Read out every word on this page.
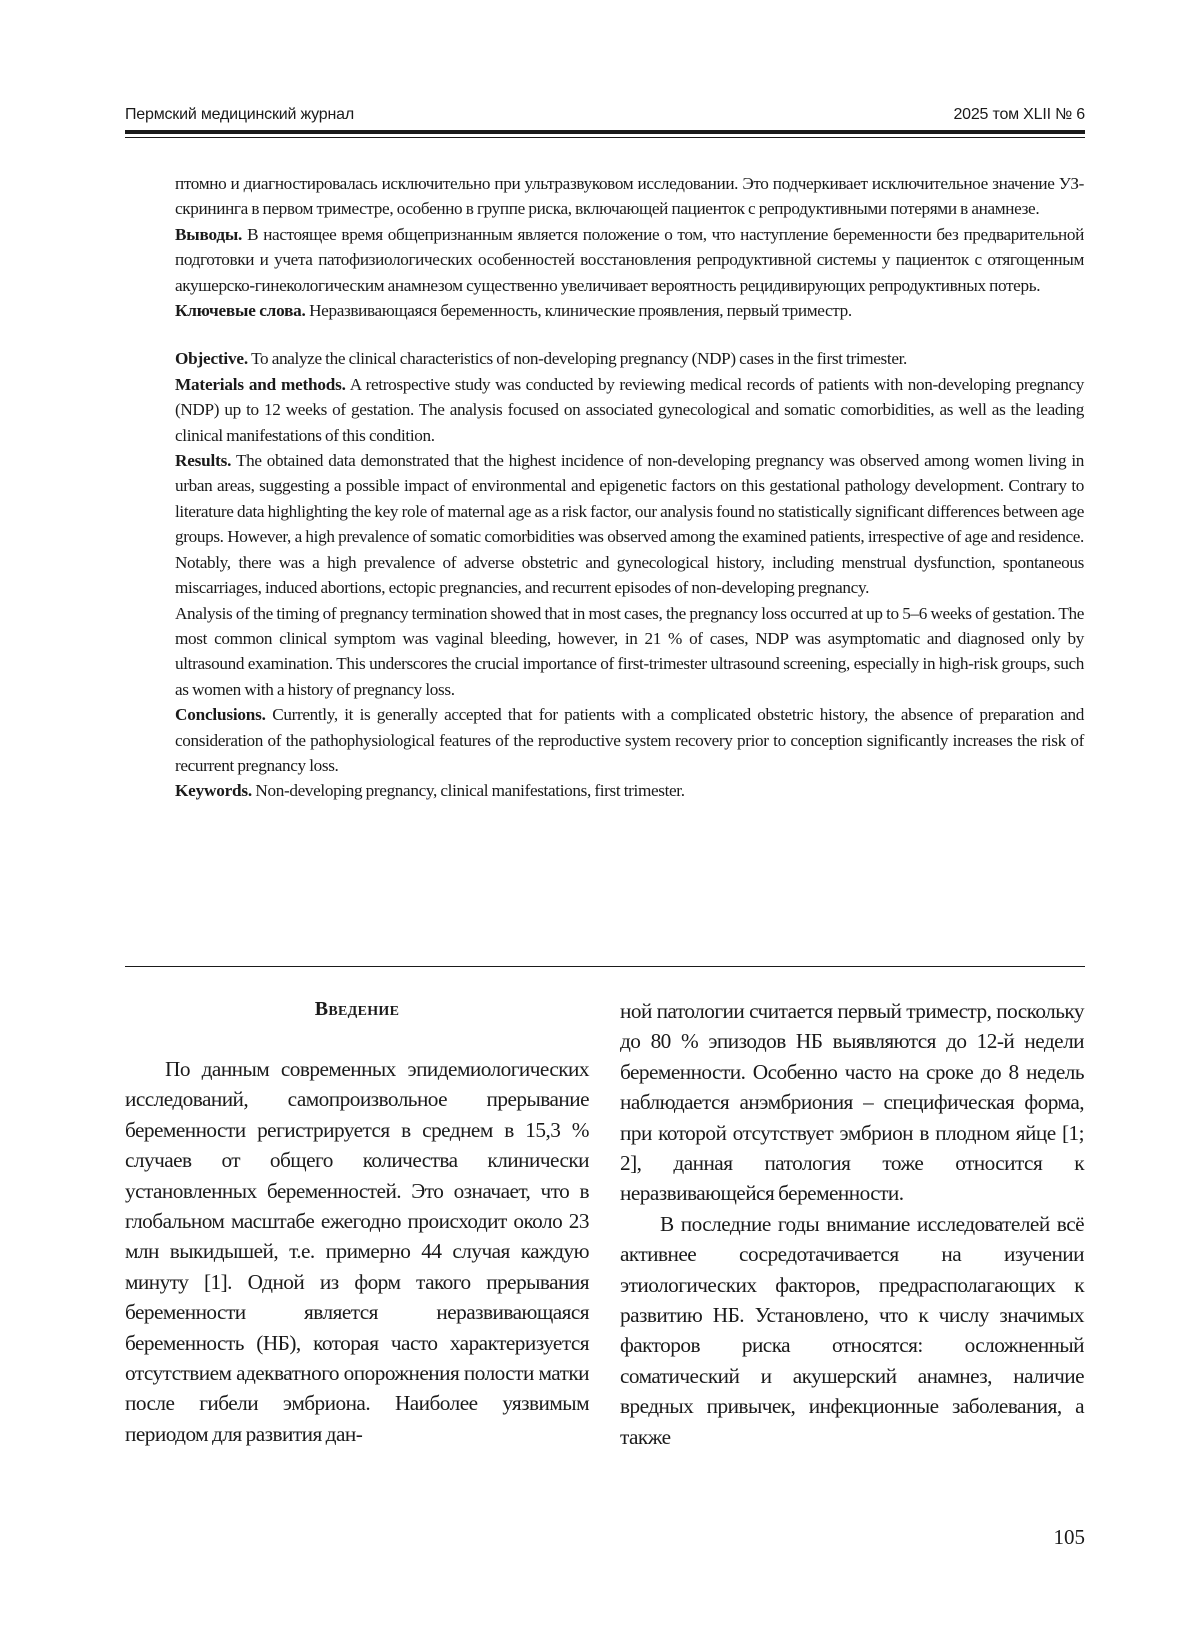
Пермский медицинский журнал	2025 том XLII № 6

птомно и диагностировалась исключительно при ультразвуковом исследовании. Это подчеркивает исключительное значение УЗ-скрининга в первом триместре, особенно в группе риска, включающей пациенток с репродуктивными потерями в анамнезе.

Выводы. В настоящее время общепризнанным является положение о том, что наступление беременности без предварительной подготовки и учета патофизиологических особенностей восстановления репродуктивной системы у пациенток с отягощенным акушерско-гинекологическим анамнезом существенно увеличивает вероятность рецидивирующих репродуктивных потерь.

Ключевые слова. Неразвивающаяся беременность, клинические проявления, первый триместр.

Objective. To analyze the clinical characteristics of non-developing pregnancy (NDP) cases in the first trimester.

Materials and methods. A retrospective study was conducted by reviewing medical records of patients with non-developing pregnancy (NDP) up to 12 weeks of gestation. The analysis focused on associated gynecological and somatic comorbidities, as well as the leading clinical manifestations of this condition.

Results. The obtained data demonstrated that the highest incidence of non-developing pregnancy was observed among women living in urban areas, suggesting a possible impact of environmental and epigenetic factors on this gestational pathology development. Contrary to literature data highlighting the key role of maternal age as a risk factor, our analysis found no statistically significant differences between age groups. However, a high prevalence of somatic comorbidities was observed among the examined patients, irrespective of age and residence. Notably, there was a high prevalence of adverse obstetric and gynecological history, including menstrual dysfunction, spontaneous miscarriages, induced abortions, ectopic pregnancies, and recurrent episodes of non-developing pregnancy.

Analysis of the timing of pregnancy termination showed that in most cases, the pregnancy loss occurred at up to 5–6 weeks of gestation. The most common clinical symptom was vaginal bleeding, however, in 21 % of cases, NDP was asymptomatic and diagnosed only by ultrasound examination. This underscores the crucial importance of first-trimester ultrasound screening, especially in high-risk groups, such as women with a history of pregnancy loss.

Conclusions. Currently, it is generally accepted that for patients with a complicated obstetric history, the absence of preparation and consideration of the pathophysiological features of the reproductive system recovery prior to conception significantly increases the risk of recurrent pregnancy loss.

Keywords. Non-developing pregnancy, clinical manifestations, first trimester.

Введение

По данным современных эпидемиологических исследований, самопроизвольное прерывание беременности регистрируется в среднем в 15,3 % случаев от общего количества клинически установленных беременностей. Это означает, что в глобальном масштабе ежегодно происходит около 23 млн выкидышей, т.е. примерно 44 случая каждую минуту [1]. Одной из форм такого прерывания беременности является неразвивающаяся беременность (НБ), которая часто характеризуется отсутствием адекватного опорожнения полости матки после гибели эмбриона. Наиболее уязвимым периодом для развития дан-

ной патологии считается первый триместр, поскольку до 80 % эпизодов НБ выявляются до 12-й недели беременности. Особенно часто на сроке до 8 недель наблюдается анэмбриония – специфическая форма, при которой отсутствует эмбрион в плодном яйце [1; 2], данная патология тоже относится к неразвивающейся беременности.

В последние годы внимание исследователей всё активнее сосредотачивается на изучении этиологических факторов, предрасполагающих к развитию НБ. Установлено, что к числу значимых факторов риска относятся: осложненный соматический и акушерский анамнез, наличие вредных привычек, инфекционные заболевания, а также

105
